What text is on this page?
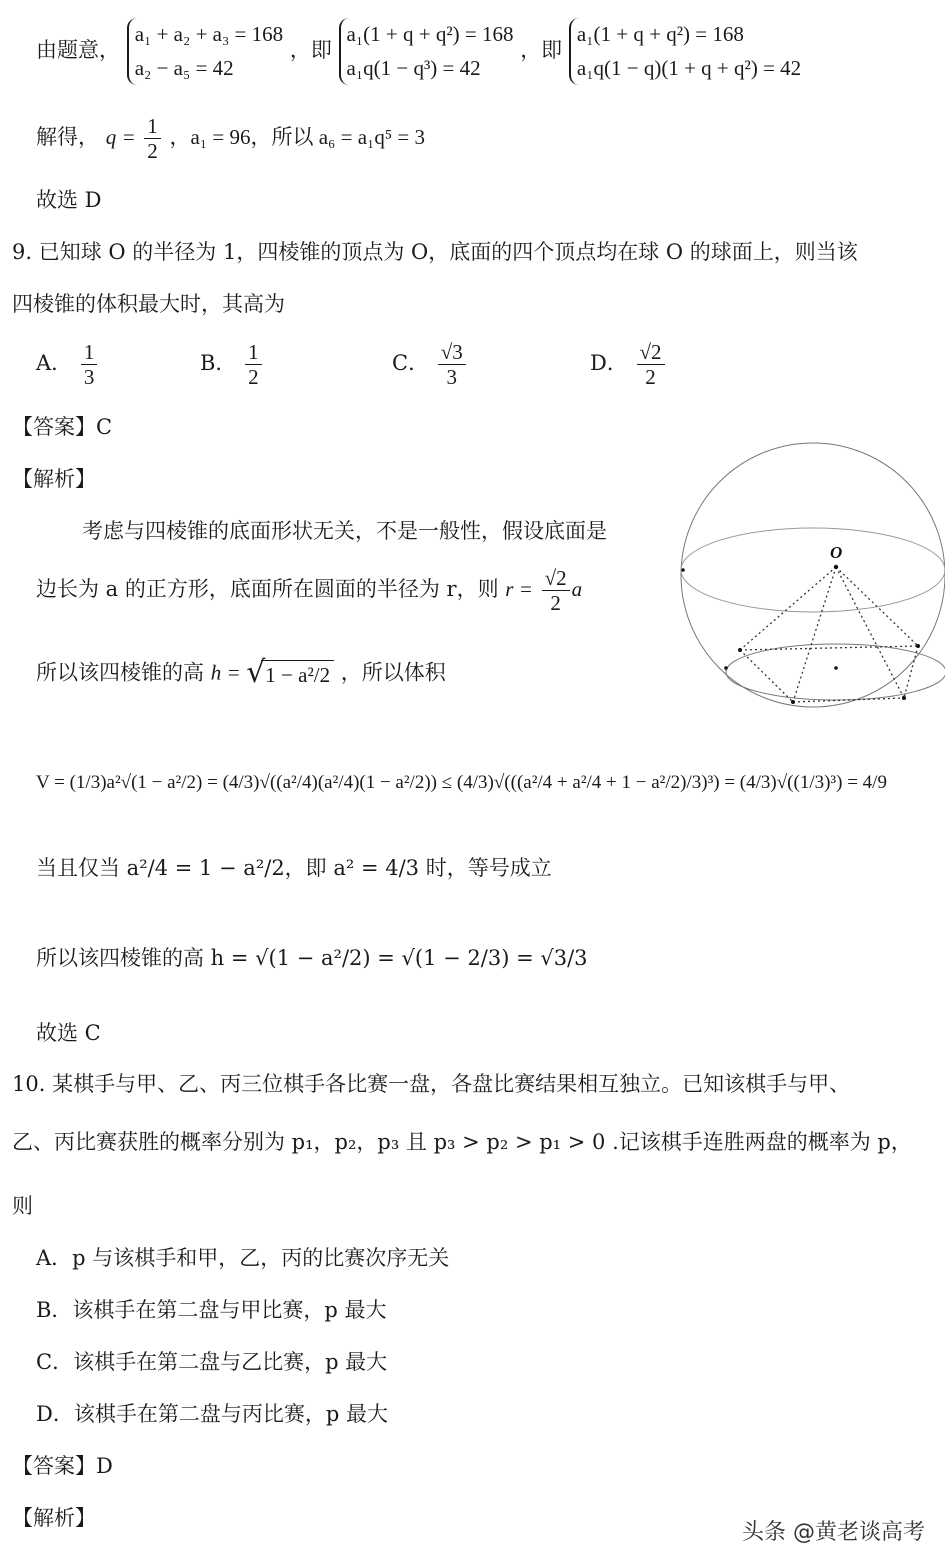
由题意，
a₁ + a₂ + a₃ = 168
a₂ − a₅ = 42
，即
a₁(1 + q + q²) = 168
a₁q(1 − q³) = 42
，即
a₁(1 + q + q²) = 168
a₁q(1 − q)(1 + q + q²) = 42
解得， $q = \frac{1}{2}$ ，a₁ = 96，所以 a₆ = a₁q⁵ = 3
故选 D
9. 已知球 O 的半径为 1，四棱锥的顶点为 O，底面的四个顶点均在球 O 的球面上，则当该
四棱锥的体积最大时，其高为
A． $\frac{1}{3}$	B． $\frac{1}{2}$	C． $\frac{√3}{3}$	D． $\frac{√2}{2}$
【答案】C
【解析】
考虑与四棱锥的底面形状无关，不是一般性，假设底面是
边长为 a 的正方形，底面所在圆面的半径为 r，则 $r = \frac{√2}{2}$ a
所以该四棱锥的高 h = √ 1 − a²/2 ，所以体积
V = (1/3)a²√(1 − a²/2) = (4/3)√((a²/4)(a²/4)(1 − a²/2)) ≤ (4/3)√(((a²/4 + a²/4 + 1 − a²/2)/3)³) = (4/3)√((1/3)³) = 4/9
当且仅当 a²/4 = 1 − a²/2，即 a² = 4/3 时，等号成立
所以该四棱锥的高 h = √(1 − a²/2) = √(1 − 2/3) = √3/3
故选 C
O
10. 某棋手与甲、乙、丙三位棋手各比赛一盘，各盘比赛结果相互独立。已知该棋手与甲、
乙、丙比赛获胜的概率分别为 p₁，p₂，p₃ 且 p₃ > p₂ > p₁ > 0 .记该棋手连胜两盘的概率为 p，
则
A．p 与该棋手和甲，乙，丙的比赛次序无关
B．该棋手在第二盘与甲比赛，p 最大
C．该棋手在第二盘与乙比赛，p 最大
D．该棋手在第二盘与丙比赛，p 最大
【答案】D
【解析】
头条 @黄老谈高考
